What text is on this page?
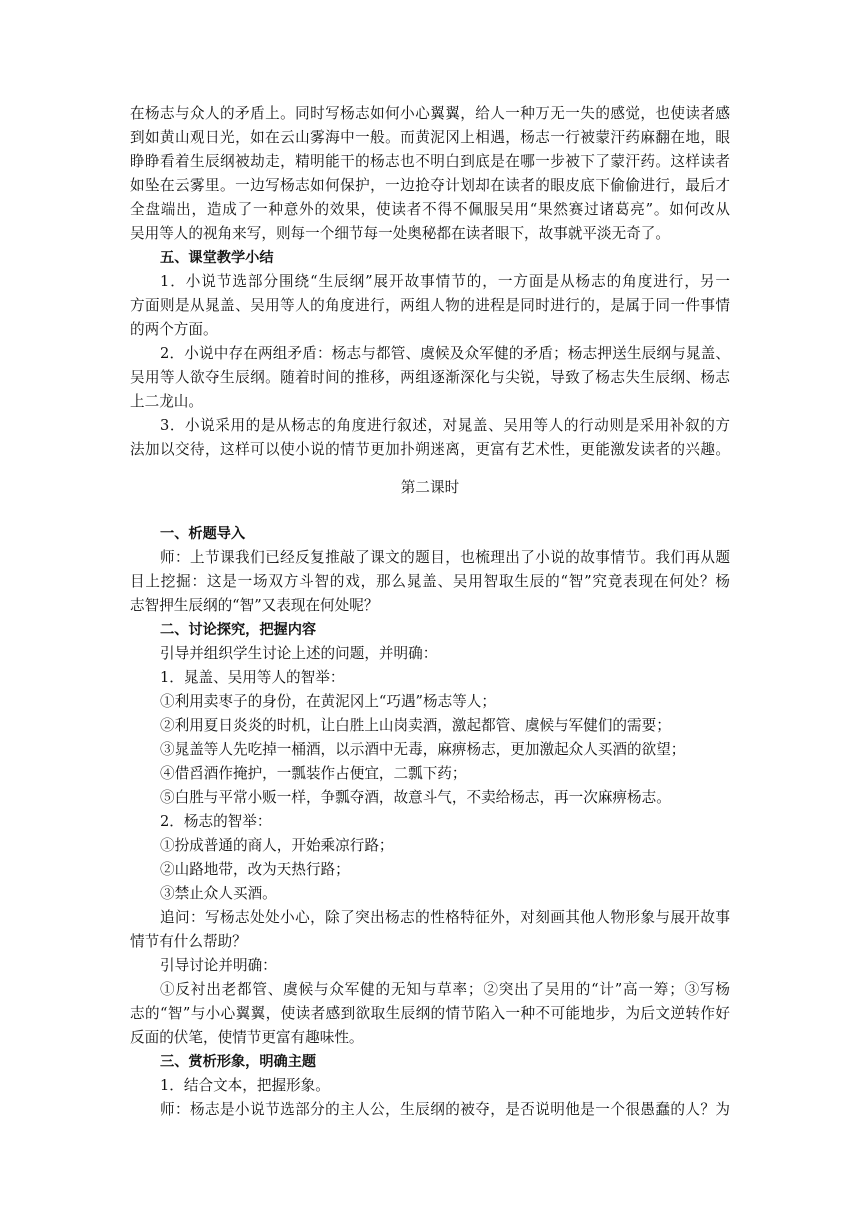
在杨志与众人的矛盾上。同时写杨志如何小心翼翼，给人一种万无一失的感觉，也使读者感
到如黄山观日光，如在云山雾海中一般。而黄泥冈上相遇，杨志一行被蒙汗药麻翻在地，眼
睁睁看着生辰纲被劫走，精明能干的杨志也不明白到底是在哪一步被下了蒙汗药。这样读者
如坠在云雾里。一边写杨志如何保护，一边抢夺计划却在读者的眼皮底下偷偷进行，最后才
全盘端出，造成了一种意外的效果，使读者不得不佩服吴用“果然赛过诸葛亮”。如何改从
吴用等人的视角来写，则每一个细节每一处奥秘都在读者眼下，故事就平淡无奇了。
五、课堂教学小结
1．小说节选部分围绕“生辰纲”展开故事情节的，一方面是从杨志的角度进行，另一
方面则是从晁盖、吴用等人的角度进行，两组人物的进程是同时进行的，是属于同一件事情
的两个方面。
2．小说中存在两组矛盾：杨志与都管、虞候及众军健的矛盾；杨志押送生辰纲与晁盖、
吴用等人欲夺生辰纲。随着时间的推移，两组逐渐深化与尖锐，导致了杨志失生辰纲、杨志
上二龙山。
3．小说采用的是从杨志的角度进行叙述，对晁盖、吴用等人的行动则是采用补叙的方
法加以交待，这样可以使小说的情节更加扑朔迷离，更富有艺术性，更能激发读者的兴趣。
第二课时
一、析题导入
师：上节课我们已经反复推敲了课文的题目，也梳理出了小说的故事情节。我们再从题
目上挖掘：这是一场双方斗智的戏，那么晁盖、吴用智取生辰的“智”究竟表现在何处？杨
志智押生辰纲的“智”又表现在何处呢？
二、讨论探究，把握内容
引导并组织学生讨论上述的问题，并明确：
1．晁盖、吴用等人的智举：
①利用卖枣子的身份，在黄泥冈上“巧遇”杨志等人；
②利用夏日炎炎的时机，让白胜上山岗卖酒，激起都管、虞候与军健们的需要；
③晁盖等人先吃掉一桶酒，以示酒中无毒，麻痹杨志，更加激起众人买酒的欲望；
④借舀酒作掩护，一瓢装作占便宜，二瓢下药；
⑤白胜与平常小贩一样，争瓢夺酒，故意斗气，不卖给杨志，再一次麻痹杨志。
2．杨志的智举：
①扮成普通的商人，开始乘凉行路；
②山路地带，改为天热行路；
③禁止众人买酒。
追问：写杨志处处小心，除了突出杨志的性格特征外，对刻画其他人物形象与展开故事
情节有什么帮助？
引导讨论并明确：
①反衬出老都管、虞候与众军健的无知与草率；②突出了吴用的“计”高一筹；③写杨
志的“智”与小心翼翼，使读者感到欲取生辰纲的情节陷入一种不可能地步，为后文逆转作好
反面的伏笔，使情节更富有趣味性。
三、赏析形象，明确主题
1．结合文本，把握形象。
师：杨志是小说节选部分的主人公，生辰纲的被夺，是否说明他是一个很愚蠢的人？为
